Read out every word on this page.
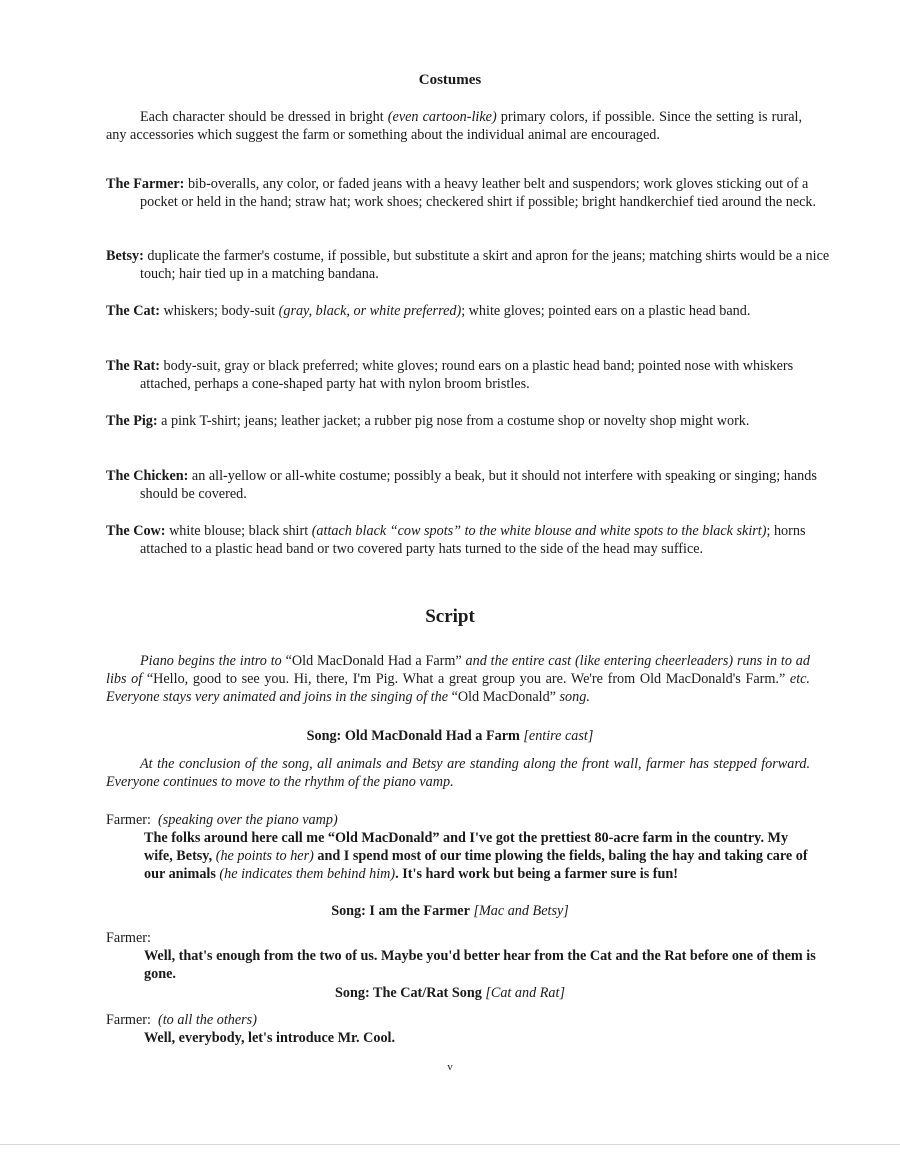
Costumes

Each character should be dressed in bright (even cartoon-like) primary colors, if possible. Since the setting is rural, any accessories which suggest the farm or something about the individual animal are encouraged.

The Farmer: bib-overalls, any color, or faded jeans with a heavy leather belt and suspendors; work gloves sticking out of a pocket or held in the hand; straw hat; work shoes; checkered shirt if possible; bright handkerchief tied around the neck.

Betsy: duplicate the farmer's costume, if possible, but substitute a skirt and apron for the jeans; matching shirts would be a nice touch; hair tied up in a matching bandana.

The Cat: whiskers; body-suit (gray, black, or white preferred); white gloves; pointed ears on a plastic head band.

The Rat: body-suit, gray or black preferred; white gloves; round ears on a plastic head band; pointed nose with whiskers attached, perhaps a cone-shaped party hat with nylon broom bristles.

The Pig: a pink T-shirt; jeans; leather jacket; a rubber pig nose from a costume shop or novelty shop might work.

The Chicken: an all-yellow or all-white costume; possibly a beak, but it should not interfere with speaking or singing; hands should be covered.

The Cow: white blouse; black shirt (attach black “cow spots” to the white blouse and white spots to the black skirt); horns attached to a plastic head band or two covered party hats turned to the side of the head may suffice.

Script

Piano begins the intro to “Old MacDonald Had a Farm” and the entire cast (like entering cheerleaders) runs in to ad libs of “Hello, good to see you. Hi, there, I'm Pig. What a great group you are. We're from Old MacDonald's Farm.” etc. Everyone stays very animated and joins in the singing of the “Old MacDonald” song.

Song: Old MacDonald Had a Farm [entire cast]

At the conclusion of the song, all animals and Betsy are standing along the front wall, farmer has stepped forward. Everyone continues to move to the rhythm of the piano vamp.

Farmer: (speaking over the piano vamp)

The folks around here call me “Old MacDonald” and I've got the prettiest 80-acre farm in the country. My wife, Betsy, (he points to her) and I spend most of our time plowing the fields, baling the hay and taking care of our animals (he indicates them behind him). It's hard work but being a farmer sure is fun!

Song: I am the Farmer [Mac and Betsy]

Farmer:

Well, that's enough from the two of us. Maybe you'd better hear from the Cat and the Rat before one of them is gone.

Song: The Cat/Rat Song [Cat and Rat]

Farmer: (to all the others)

Well, everybody, let's introduce Mr. Cool.

v
